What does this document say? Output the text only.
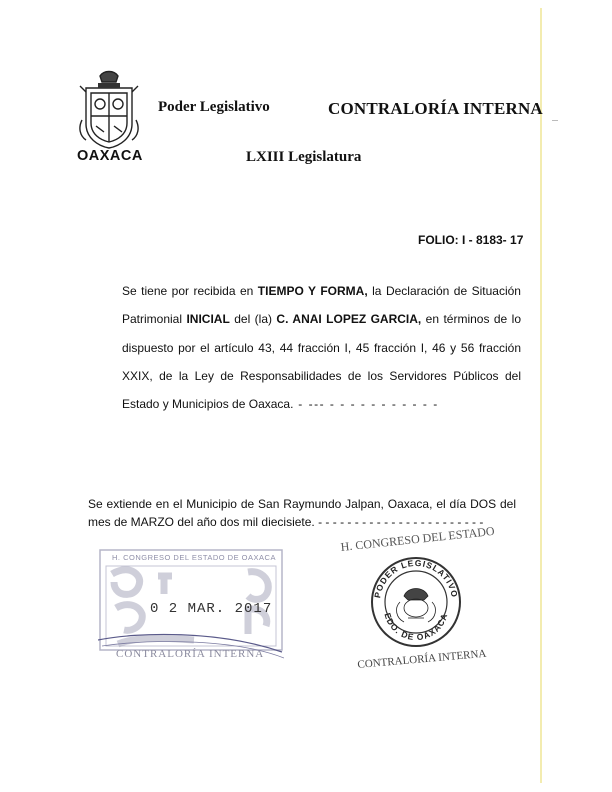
OAXACA
Poder Legislativo	CONTRALORÍA INTERNA
LXIII Legislatura
FOLIO: I - 8183- 17
Se tiene por recibida en TIEMPO Y FORMA, la Declaración de Situación
Patrimonial INICIAL del (la) C. ANAI LOPEZ GARCIA, en términos de lo
dispuesto por el artículo 43, 44 fracción I, 45 fracción I, 46 y 56 fracción
XXIX, de la Ley de Responsabilidades de los Servidores Públicos del
Estado y Municipios de Oaxaca. - --- - - - - - - - - - - -
Se extiende en el Municipio de San Raymundo Jalpan, Oaxaca, el día DOS del
mes de MARZO del año dos mil diecisiete. - - - - - - - - - - - - - - - - - - - - - - -
H. CONGRESO DEL ESTADO DE OAXACA
0 2 MAR. 2017
CONTRALORÍA INTERNA
H. CONGRESO DEL ESTADO
PODER LEGISLATIVO
EDO. DE OAXACA
CONTRALORÍA INTERNA
